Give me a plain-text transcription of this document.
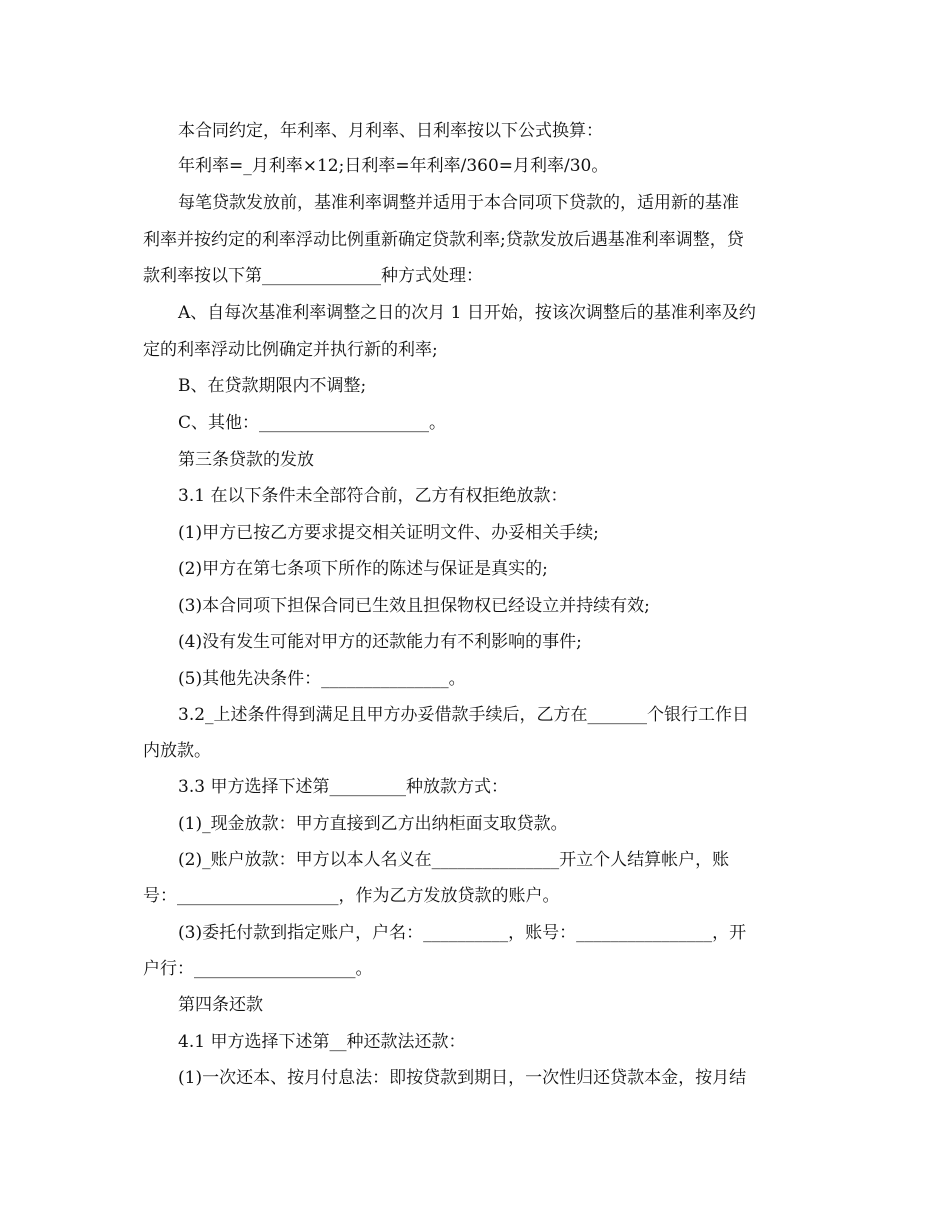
本合同约定，年利率、月利率、日利率按以下公式换算：

年利率=_月利率×12;日利率=年利率/360=月利率/30。

每笔贷款发放前，基准利率调整并适用于本合同项下贷款的，适用新的基准

利率并按约定的利率浮动比例重新确定贷款利率;贷款发放后遇基准利率调整，贷

款利率按以下第______________种方式处理：

A、自每次基准利率调整之日的次月 1 日开始，按该次调整后的基准利率及约

定的利率浮动比例确定并执行新的利率;

B、在贷款期限内不调整;

C、其他：____________________。

第三条贷款的发放

3.1 在以下条件未全部符合前，乙方有权拒绝放款：

(1)甲方已按乙方要求提交相关证明文件、办妥相关手续;

(2)甲方在第七条项下所作的陈述与保证是真实的;

(3)本合同项下担保合同已生效且担保物权已经设立并持续有效;

(4)没有发生可能对甲方的还款能力有不利影响的事件;

(5)其他先决条件：_______________。

3.2_上述条件得到满足且甲方办妥借款手续后，乙方在_______个银行工作日

内放款。

3.3 甲方选择下述第_________种放款方式：

(1)_现金放款：甲方直接到乙方出纳柜面支取贷款。

(2)_账户放款：甲方以本人名义在_______________开立个人结算帐户，账

号：___________________，作为乙方发放贷款的账户。

(3)委托付款到指定账户，户名：__________，账号：________________，开

户行：___________________。

第四条还款

4.1 甲方选择下述第__种还款法还款：

(1)一次还本、按月付息法：即按贷款到期日，一次性归还贷款本金，按月结
